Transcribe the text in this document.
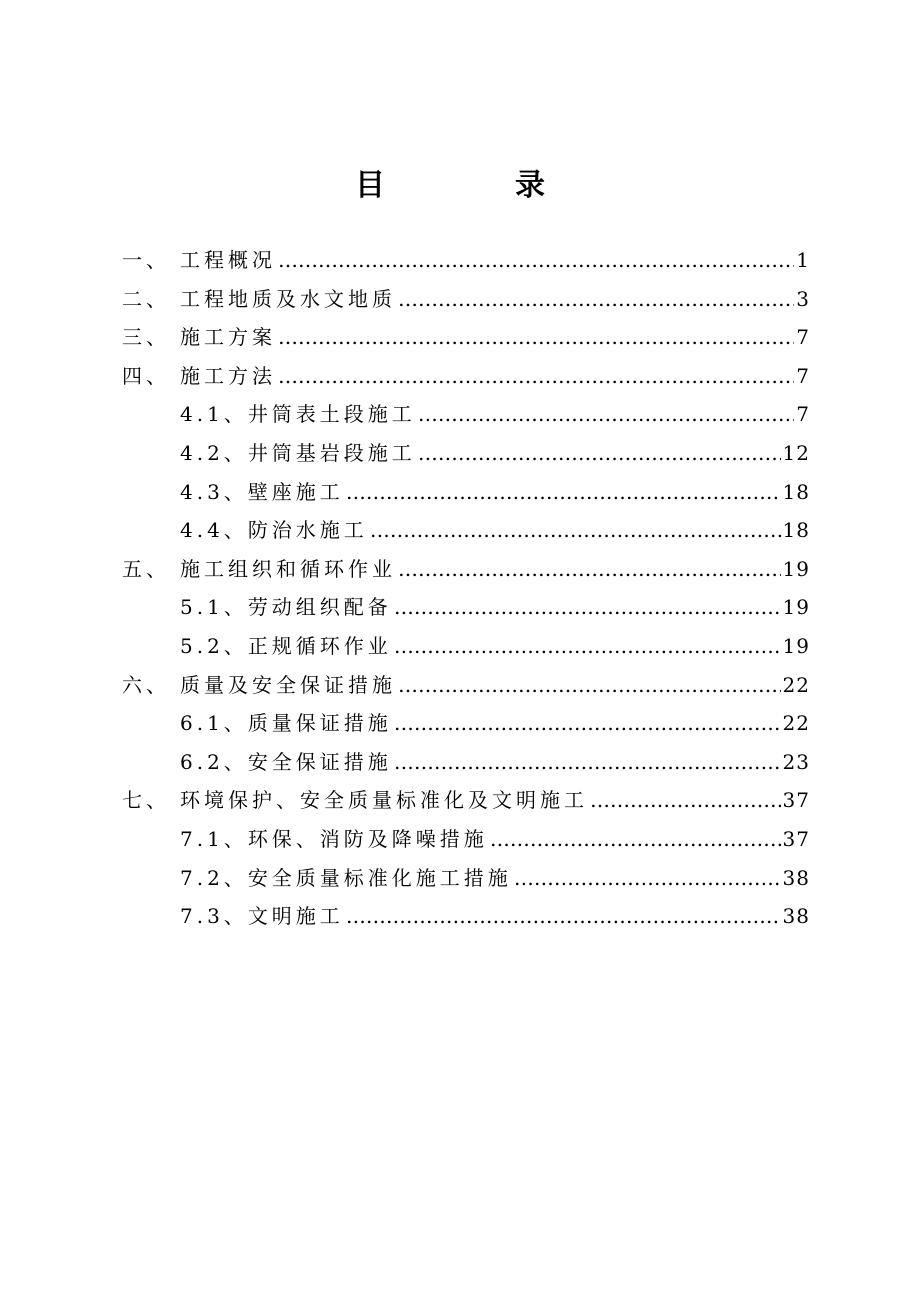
目　录
一、 工程概况 ……………………………………………………………………………………………………………………	1
二、 工程地质及水文地质 ……………………………………………………………………………………………………………………	3
三、 施工方案 ……………………………………………………………………………………………………………………	7
四、 施工方法 ……………………………………………………………………………………………………………………	7
4.1、 井筒表土段施工 ……………………………………………………………………………………………………………………	7
4.2、 井筒基岩段施工 ……………………………………………………………………………………………………………………	12
4.3、 壁座施工 ……………………………………………………………………………………………………………………	18
4.4、 防治水施工 ……………………………………………………………………………………………………………………	18
五、 施工组织和循环作业 ……………………………………………………………………………………………………………………	19
5.1、 劳动组织配备 ……………………………………………………………………………………………………………………	19
5.2、 正规循环作业 ……………………………………………………………………………………………………………………	19
六、 质量及安全保证措施 ……………………………………………………………………………………………………………………	22
6.1、 质量保证措施 ……………………………………………………………………………………………………………………	22
6.2、 安全保证措施 ……………………………………………………………………………………………………………………	23
七、 环境保护、安全质量标准化及文明施工 ……………………………………………………………………………………………………………………	37
7.1、 环保、消防及降噪措施 ……………………………………………………………………………………………………………………	37
7.2、 安全质量标准化施工措施 ……………………………………………………………………………………………………………………	38
7.3、 文明施工 ……………………………………………………………………………………………………………………	38
